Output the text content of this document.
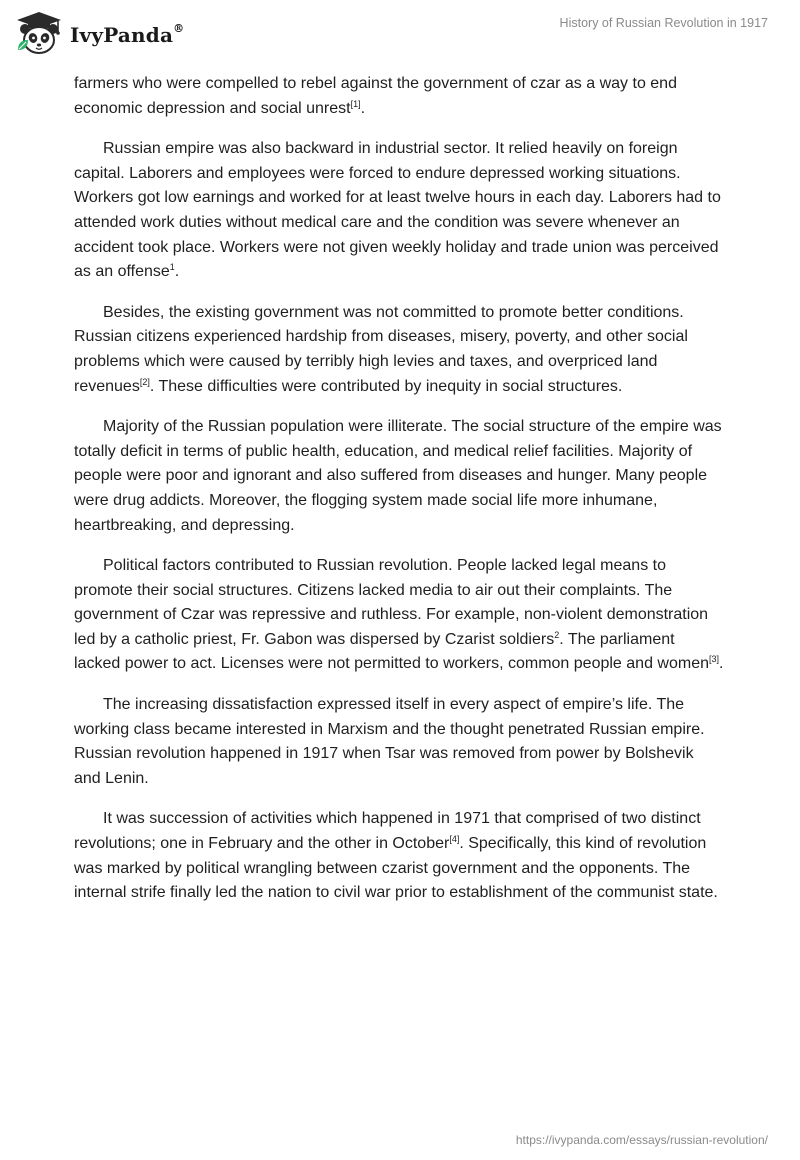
IvyPanda®	History of Russian Revolution in 1917

farmers who were compelled to rebel against the government of czar as a way to end economic depression and social unrest[1].

Russian empire was also backward in industrial sector. It relied heavily on foreign capital. Laborers and employees were forced to endure depressed working situations. Workers got low earnings and worked for at least twelve hours in each day. Laborers had to attended work duties without medical care and the condition was severe whenever an accident took place. Workers were not given weekly holiday and trade union was perceived as an offense$^1$.

Besides, the existing government was not committed to promote better conditions. Russian citizens experienced hardship from diseases, misery, poverty, and other social problems which were caused by terribly high levies and taxes, and overpriced land revenues[2]. These difficulties were contributed by inequity in social structures.

Majority of the Russian population were illiterate. The social structure of the empire was totally deficit in terms of public health, education, and medical relief facilities. Majority of people were poor and ignorant and also suffered from diseases and hunger. Many people were drug addicts. Moreover, the flogging system made social life more inhumane, heartbreaking, and depressing.

Political factors contributed to Russian revolution. People lacked legal means to promote their social structures. Citizens lacked media to air out their complaints. The government of Czar was repressive and ruthless. For example, non-violent demonstration led by a catholic priest, Fr. Gabon was dispersed by Czarist soldiers$^2$. The parliament lacked power to act. Licenses were not permitted to workers, common people and women[3].

The increasing dissatisfaction expressed itself in every aspect of empire’s life. The working class became interested in Marxism and the thought penetrated Russian empire. Russian revolution happened in 1917 when Tsar was removed from power by Bolshevik and Lenin.

It was succession of activities which happened in 1971 that comprised of two distinct revolutions; one in February and the other in October[4]. Specifically, this kind of revolution was marked by political wrangling between czarist government and the opponents. The internal strife finally led the nation to civil war prior to establishment of the communist state.

https://ivypanda.com/essays/russian-revolution/
